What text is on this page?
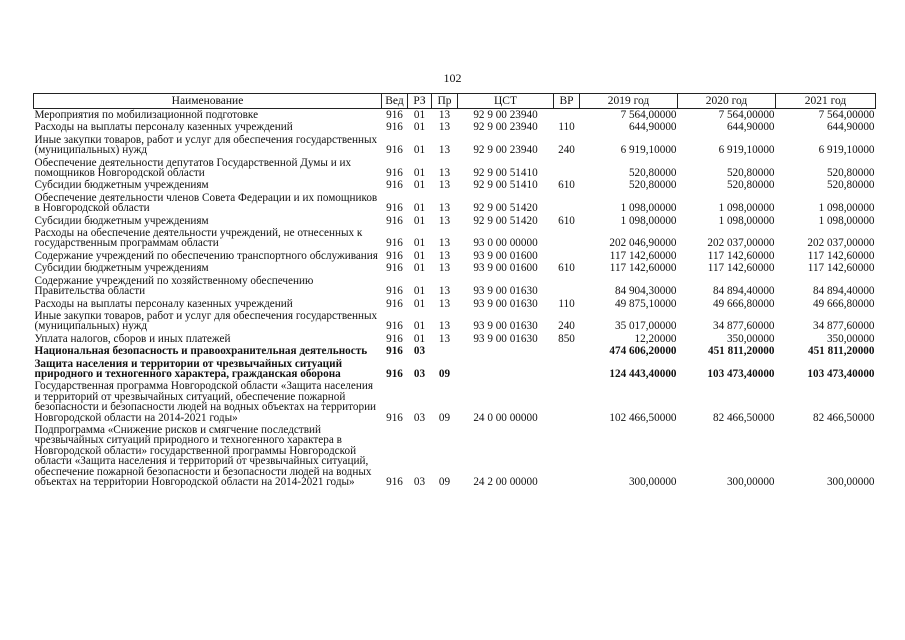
102
Наименование	Вед	РЗ	Пр	ЦСТ	ВР	2019 год	2020 год	2021 год
Мероприятия по мобилизационной подготовке	916	01	13	92 9 00 23940		7 564,00000	7 564,00000	7 564,00000
Расходы на выплаты персоналу казенных учреждений	916	01	13	92 9 00 23940	110	644,90000	644,90000	644,90000
Иные закупки товаров, работ и услуг для обеспечения государственных (муниципальных) нужд	916	01	13	92 9 00 23940	240	6 919,10000	6 919,10000	6 919,10000
Обеспечение деятельности депутатов Государственной Думы и их помощников Новгородской области	916	01	13	92 9 00 51410		520,80000	520,80000	520,80000
Субсидии бюджетным учреждениям	916	01	13	92 9 00 51410	610	520,80000	520,80000	520,80000
Обеспечение деятельности членов Совета Федерации и их помощников в Новгородской области	916	01	13	92 9 00 51420		1 098,00000	1 098,00000	1 098,00000
Субсидии бюджетным учреждениям	916	01	13	92 9 00 51420	610	1 098,00000	1 098,00000	1 098,00000
Расходы на обеспечение деятельности учреждений, не отнесенных к государственным программам области	916	01	13	93 0 00 00000		202 046,90000	202 037,00000	202 037,00000
Содержание учреждений по обеспечению транспортного обслуживания	916	01	13	93 9 00 01600		117 142,60000	117 142,60000	117 142,60000
Субсидии бюджетным учреждениям	916	01	13	93 9 00 01600	610	117 142,60000	117 142,60000	117 142,60000
Содержание учреждений по хозяйственному обеспечению Правительства области	916	01	13	93 9 00 01630		84 904,30000	84 894,40000	84 894,40000
Расходы на выплаты персоналу казенных учреждений	916	01	13	93 9 00 01630	110	49 875,10000	49 666,80000	49 666,80000
Иные закупки товаров, работ и услуг для обеспечения государственных (муниципальных) нужд	916	01	13	93 9 00 01630	240	35 017,00000	34 877,60000	34 877,60000
Уплата налогов, сборов и иных платежей	916	01	13	93 9 00 01630	850	12,20000	350,00000	350,00000
Национальная безопасность и правоохранительная деятельность	916	03				474 606,20000	451 811,20000	451 811,20000
Защита населения и территории от чрезвычайных ситуаций природного и техногенного характера, гражданская оборона	916	03	09			124 443,40000	103 473,40000	103 473,40000
Государственная программа Новгородской области «Защита населения и территорий от чрезвычайных ситуаций, обеспечение пожарной безопасности и безопасности людей на водных объектах на территории Новгородской области на 2014-2021 годы»	916	03	09	24 0 00 00000		102 466,50000	82 466,50000	82 466,50000
Подпрограмма «Снижение рисков и смягчение последствий чрезвычайных ситуаций природного и техногенного характера в Новгородской области» государственной программы Новгородской области «Защита населения и территорий от чрезвычайных ситуаций, обеспечение пожарной безопасности и безопасности людей на водных объектах на территории Новгородской области на 2014-2021 годы»	916	03	09	24 2 00 00000		300,00000	300,00000	300,00000
